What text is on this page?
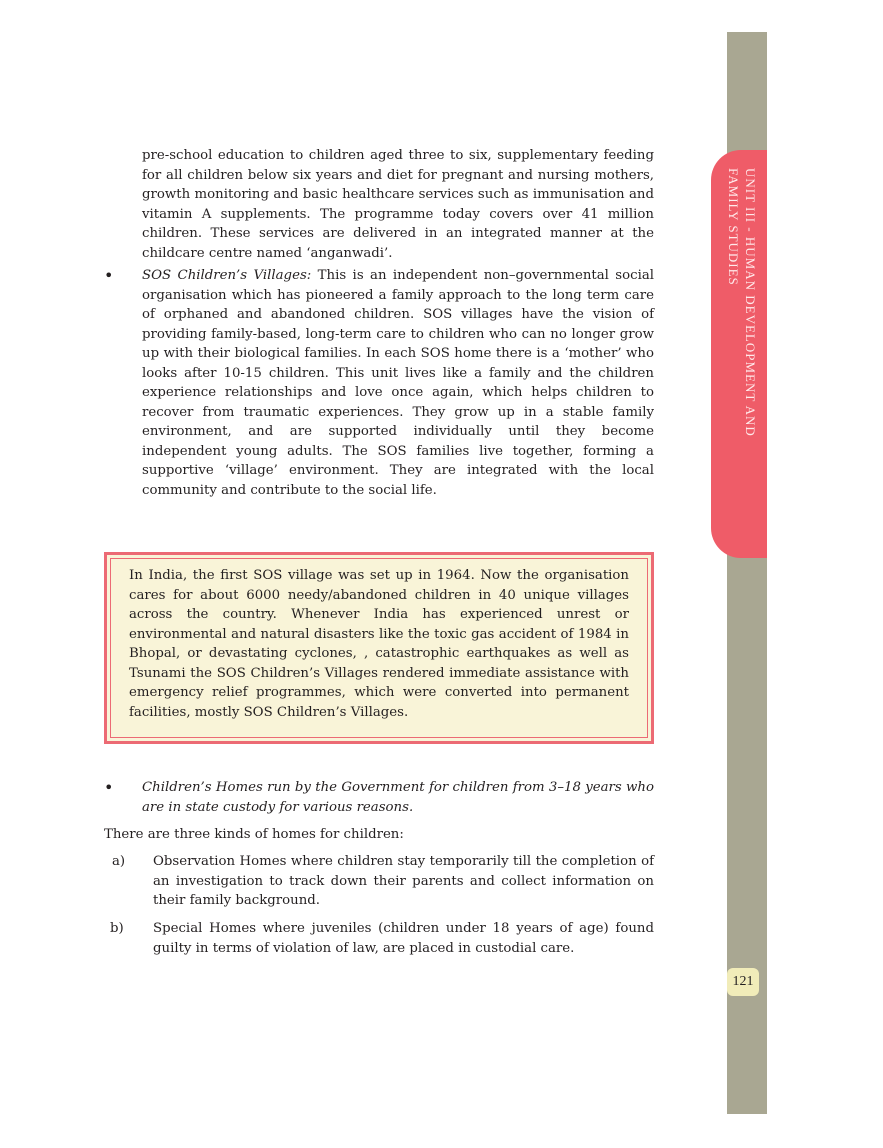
UNIT III - HUMAN DEVELOPMENT AND
FAMILY STUDIES
121
pre-school education to children aged three to six, supplementary feeding for all children below six years and diet for pregnant and nursing mothers, growth monitoring and basic healthcare services such as immunisation and vitamin A supplements. The programme today covers over 41 million children. These services are delivered in an integrated manner at the childcare centre named ‘anganwadi’.
• SOS Children’s Villages: This is an independent non–governmental social organisation which has pioneered a family approach to the long term care of orphaned and abandoned children. SOS villages have the vision of providing family-based, long-term care to children who can no longer grow up with their biological families. In each SOS home there is a ‘mother’ who looks after 10-15 children. This unit lives like a family and the children experience relationships and love once again, which helps children to recover from traumatic experiences. They grow up in a stable family environment, and are supported individually until they become independent young adults. The SOS families live together, forming a supportive ‘village’ environment. They are integrated with the local community and contribute to the social life.
In India, the first SOS village was set up in 1964. Now the organisation cares for about 6000 needy/abandoned children in 40 unique villages across the country. Whenever India has experienced unrest or environmental and natural disasters like the toxic gas accident of 1984 in Bhopal, or devastating cyclones, , catastrophic earthquakes as well as Tsunami the SOS Children’s Villages rendered immediate assistance with emergency relief programmes, which were converted into permanent facilities, mostly SOS Children’s Villages.
• Children’s Homes run by the Government for children from 3–18 years who are in state custody for various reasons.
There are three kinds of homes for children:
a) Observation Homes where children stay temporarily till the completion of an investigation to track down their parents and collect information on their family background.
b) Special Homes where juveniles (children under 18 years of age) found guilty in terms of violation of law, are placed in custodial care.
